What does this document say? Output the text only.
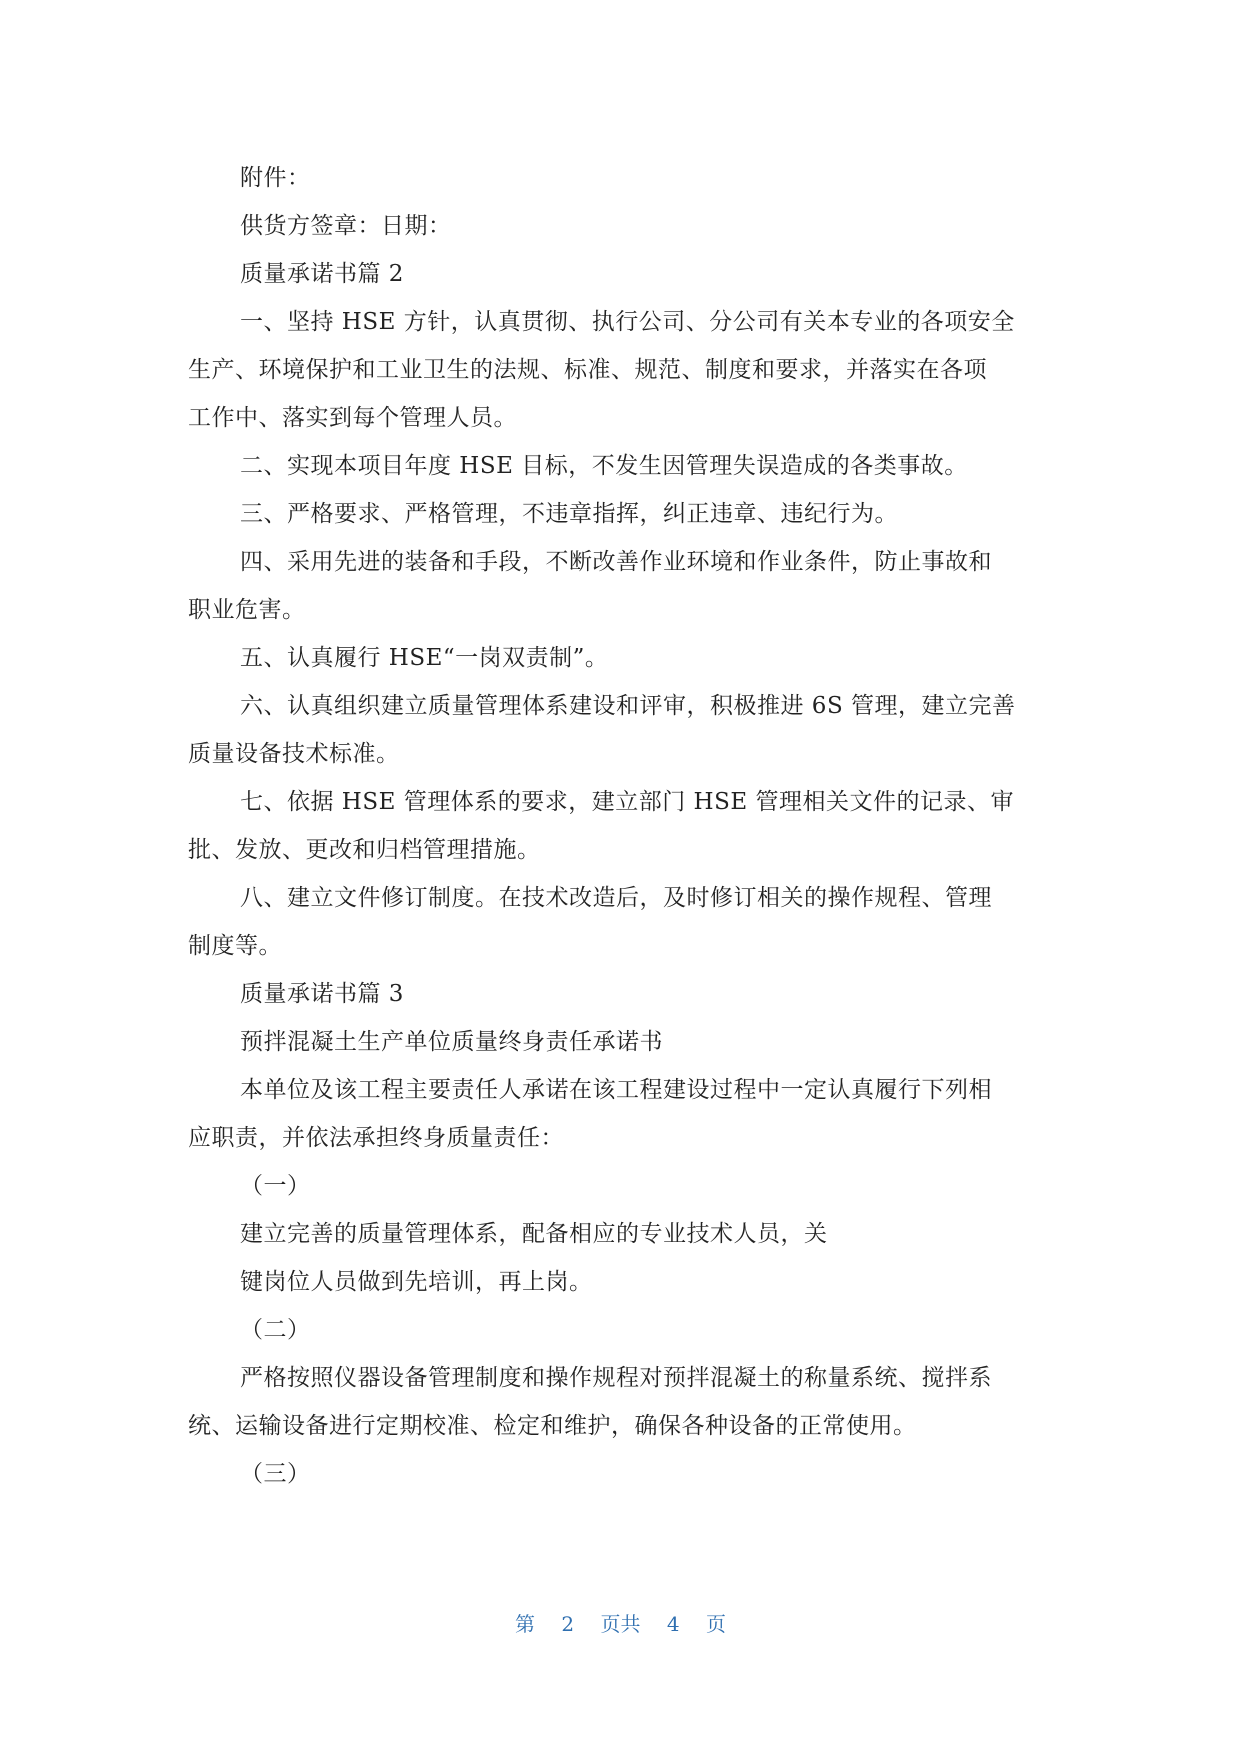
附件：
供货方签章：日期：
质量承诺书篇 2
一、坚持 HSE 方针，认真贯彻、执行公司、分公司有关本专业的各项安全
生产、环境保护和工业卫生的法规、标准、规范、制度和要求，并落实在各项
工作中、落实到每个管理人员。
二、实现本项目年度 HSE 目标，不发生因管理失误造成的各类事故。
三、严格要求、严格管理，不违章指挥，纠正违章、违纪行为。
四、采用先进的装备和手段，不断改善作业环境和作业条件，防止事故和
职业危害。
五、认真履行 HSE“一岗双责制”。
六、认真组织建立质量管理体系建设和评审，积极推进 6S 管理，建立完善
质量设备技术标准。
七、依据 HSE 管理体系的要求，建立部门 HSE 管理相关文件的记录、审
批、发放、更改和归档管理措施。
八、建立文件修订制度。在技术改造后，及时修订相关的操作规程、管理
制度等。
质量承诺书篇 3
预拌混凝土生产单位质量终身责任承诺书
本单位及该工程主要责任人承诺在该工程建设过程中一定认真履行下列相
应职责，并依法承担终身质量责任：
（一）
建立完善的质量管理体系，配备相应的专业技术人员，关
键岗位人员做到先培训，再上岗。
（二）
严格按照仪器设备管理制度和操作规程对预拌混凝土的称量系统、搅拌系
统、运输设备进行定期校准、检定和维护，确保各种设备的正常使用。
（三）
第 2 页共 4 页
